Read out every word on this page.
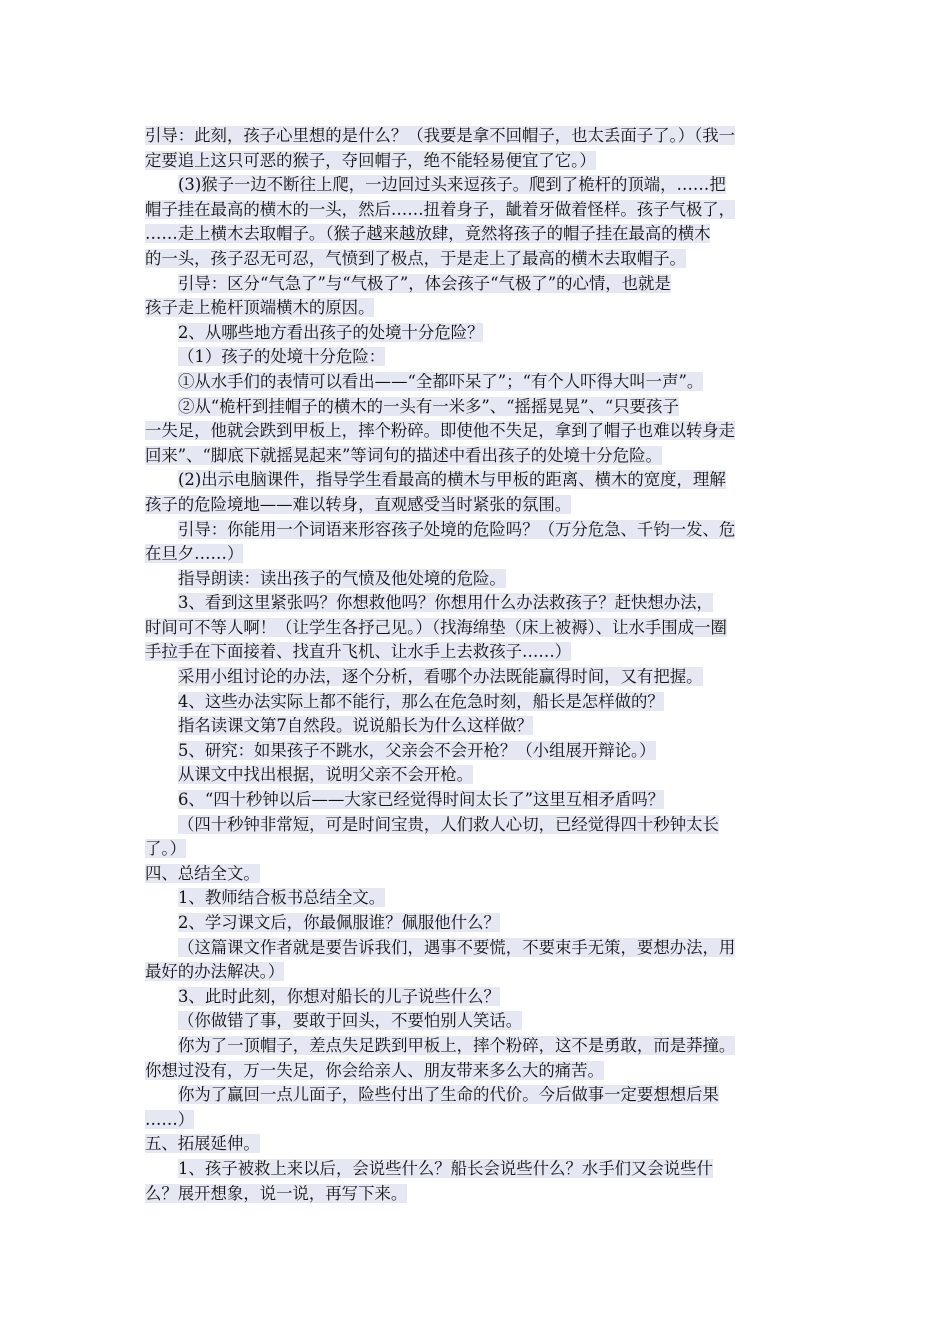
引导：此刻，孩子心里想的是什么？（我要是拿不回帽子，也太丢面子了。）（我一
定要追上这只可恶的猴子，夺回帽子，绝不能轻易便宜了它。）
(3)猴子一边不断往上爬，一边回过头来逗孩子。爬到了桅杆的顶端，……把
帽子挂在最高的横木的一头，然后……扭着身子，龇着牙做着怪样。孩子气极了，
……走上横木去取帽子。（猴子越来越放肆，竟然将孩子的帽子挂在最高的横木
的一头，孩子忍无可忍，气愤到了极点，于是走上了最高的横木去取帽子。
引导：区分“气急了”与“气极了”，体会孩子“气极了”的心情，也就是
孩子走上桅杆顶端横木的原因。
2、从哪些地方看出孩子的处境十分危险？
（1）孩子的处境十分危险：
①从水手们的表情可以看出——“全都吓呆了”；“有个人吓得大叫一声”。
②从“桅杆到挂帽子的横木的一头有一米多”、“摇摇晃晃”、“只要孩子
一失足，他就会跌到甲板上，摔个粉碎。即使他不失足，拿到了帽子也难以转身走
回来”、“脚底下就摇晃起来”等词句的描述中看出孩子的处境十分危险。
(2)出示电脑课件，指导学生看最高的横木与甲板的距离、横木的宽度，理解
孩子的危险境地——难以转身，直观感受当时紧张的氛围。
引导：你能用一个词语来形容孩子处境的危险吗？（万分危急、千钧一发、危
在旦夕……）
指导朗读：读出孩子的气愤及他处境的危险。
3、看到这里紧张吗？你想救他吗？你想用什么办法救孩子？赶快想办法，
时间可不等人啊！（让学生各抒己见。）（找海绵垫（床上被褥）、让水手围成一圈
手拉手在下面接着、找直升飞机、让水手上去救孩子……）
采用小组讨论的办法，逐个分析，看哪个办法既能赢得时间，又有把握。
4、这些办法实际上都不能行，那么在危急时刻，船长是怎样做的？
指名读课文第7自然段。说说船长为什么这样做？
5、研究：如果孩子不跳水，父亲会不会开枪？（小组展开辩论。）
从课文中找出根据，说明父亲不会开枪。
6、“四十秒钟以后——大家已经觉得时间太长了”这里互相矛盾吗？
（四十秒钟非常短，可是时间宝贵，人们救人心切，已经觉得四十秒钟太长
了。）
四、总结全文。
1、教师结合板书总结全文。
2、学习课文后，你最佩服谁？佩服他什么？
（这篇课文作者就是要告诉我们，遇事不要慌，不要束手无策，要想办法，用
最好的办法解决。）
3、此时此刻，你想对船长的儿子说些什么？
（你做错了事，要敢于回头，不要怕别人笑话。
你为了一顶帽子，差点失足跌到甲板上，摔个粉碎，这不是勇敢，而是莽撞。
你想过没有，万一失足，你会给亲人、朋友带来多么大的痛苦。
你为了赢回一点儿面子，险些付出了生命的代价。今后做事一定要想想后果
……）
五、拓展延伸。
1、孩子被救上来以后，会说些什么？船长会说些什么？水手们又会说些什
么？展开想象，说一说，再写下来。
